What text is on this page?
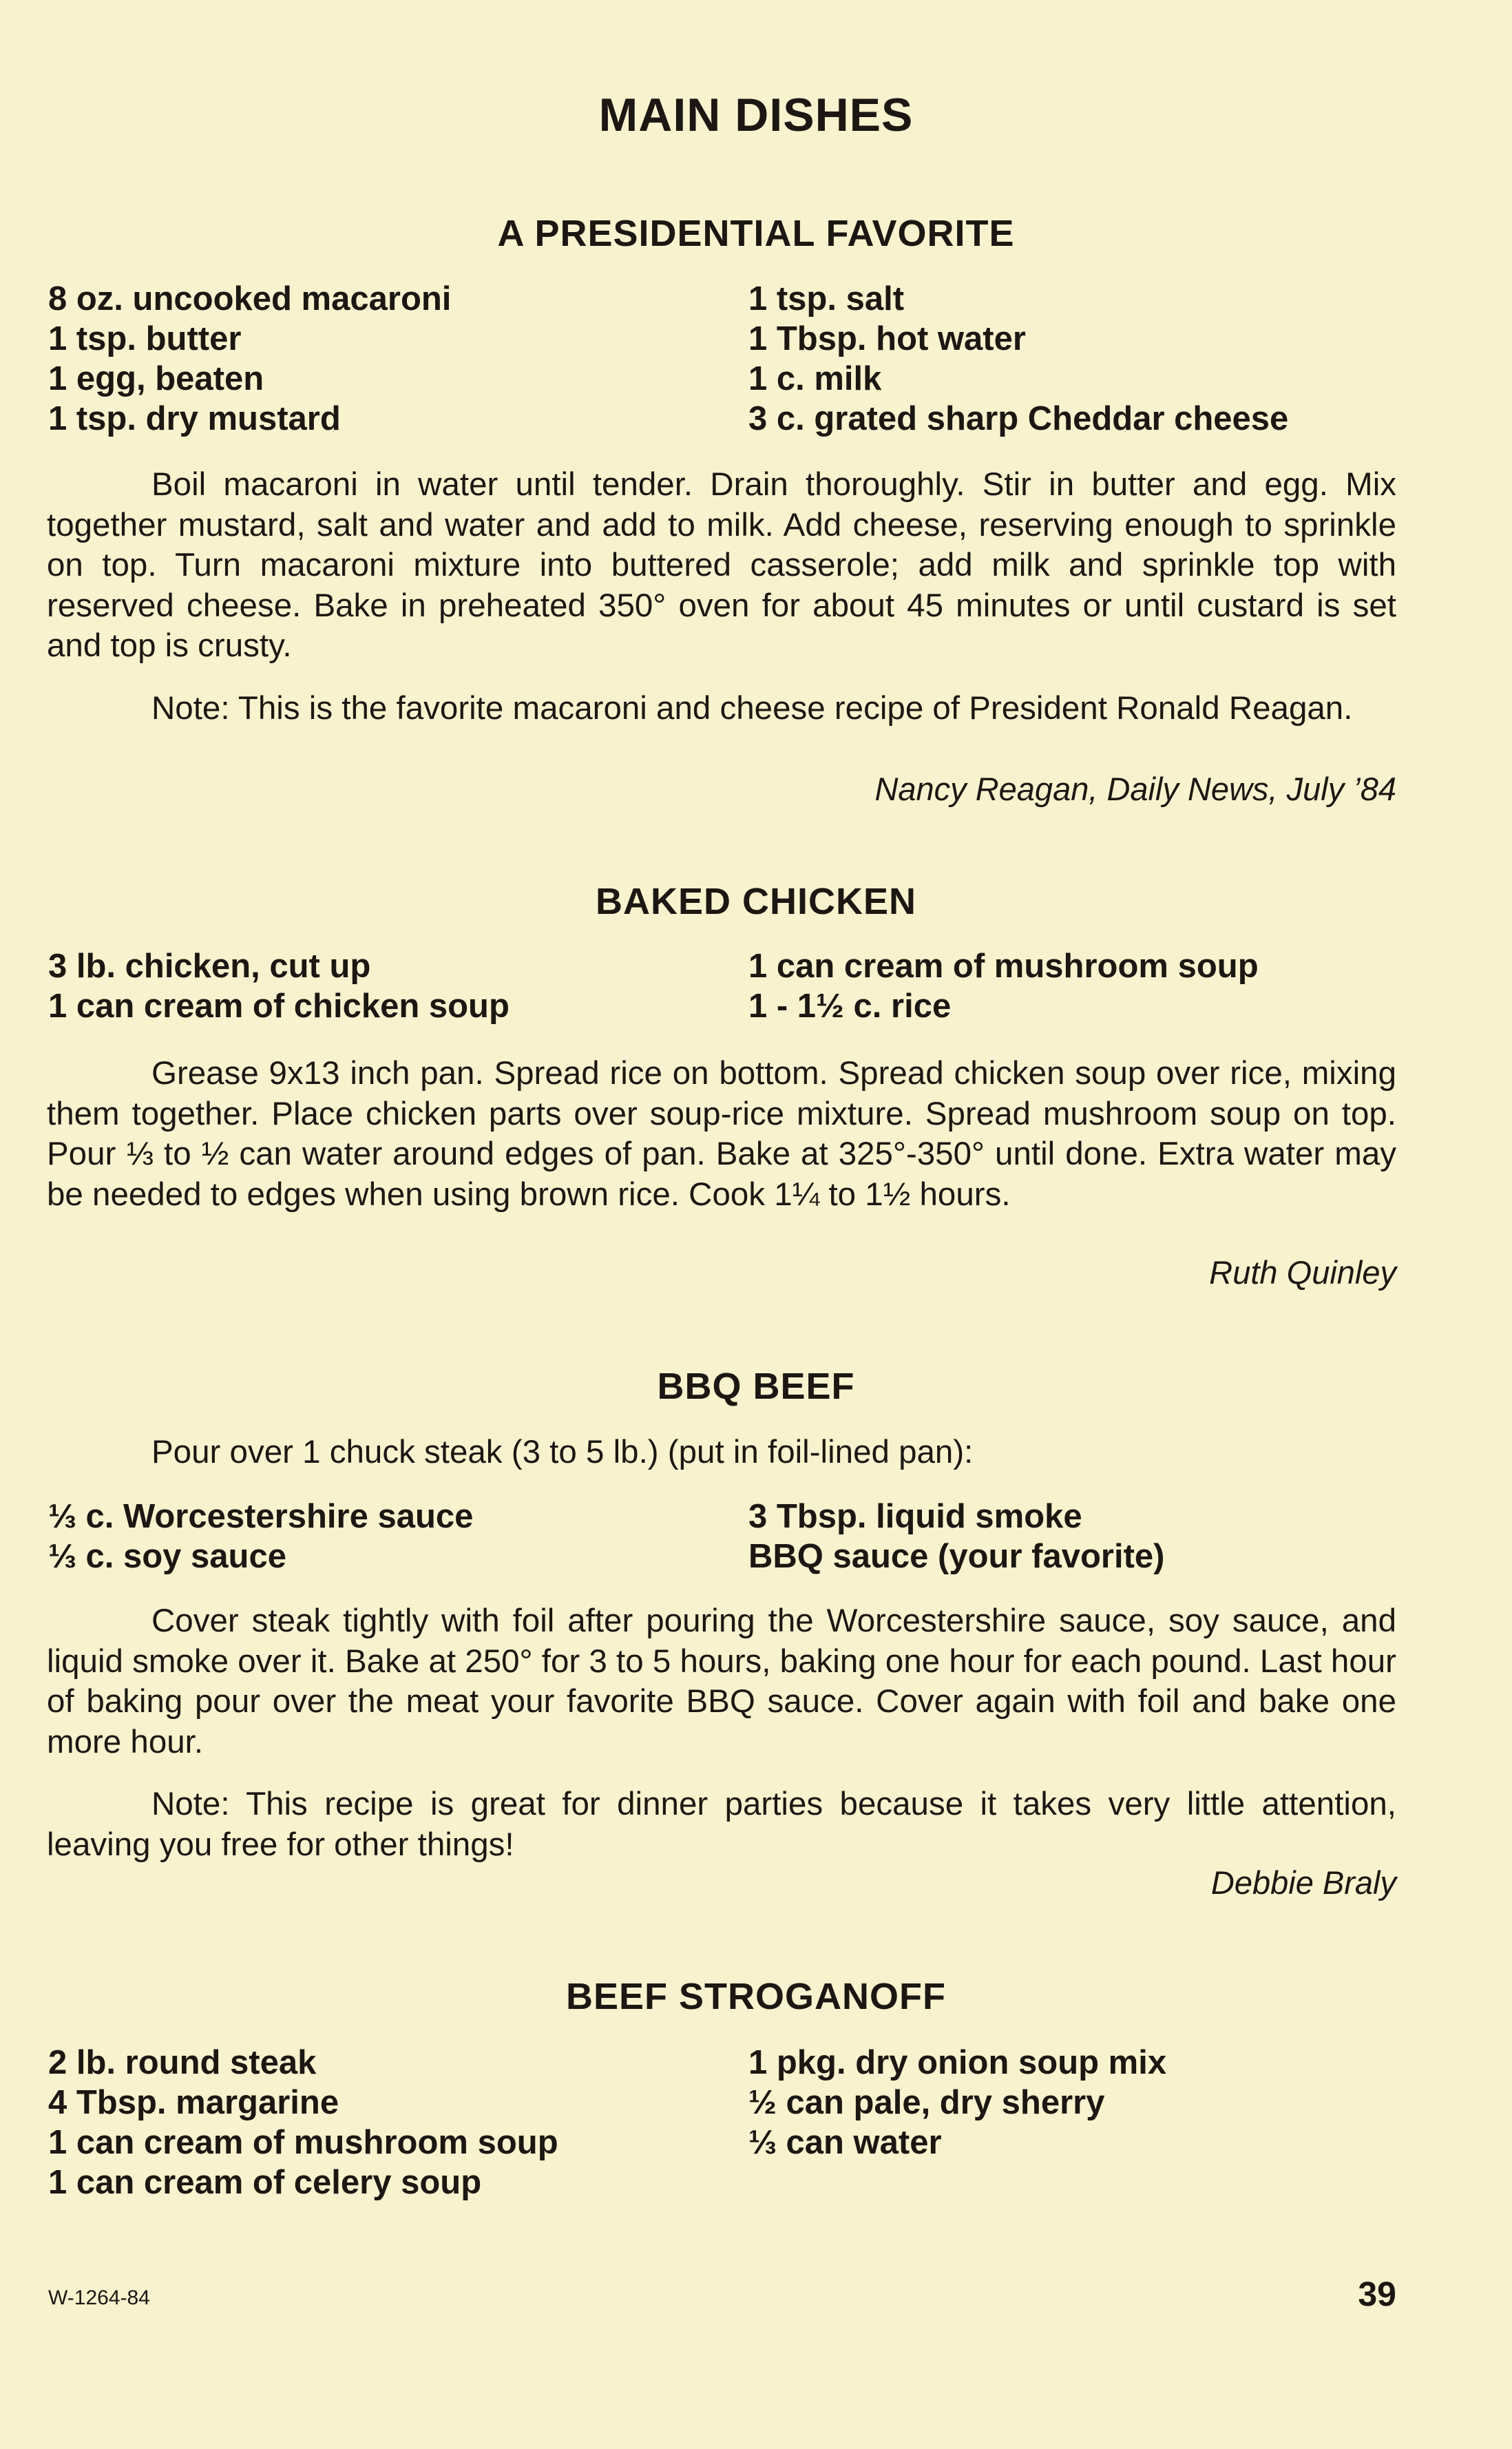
MAIN DISHES
A PRESIDENTIAL FAVORITE
8 oz. uncooked macaroni
1 tsp. butter
1 egg, beaten
1 tsp. dry mustard
1 tsp. salt
1 Tbsp. hot water
1 c. milk
3 c. grated sharp Cheddar cheese
Boil macaroni in water until tender. Drain thoroughly. Stir in butter and egg. Mix together mustard, salt and water and add to milk. Add cheese, reserving enough to sprinkle on top. Turn macaroni mixture into buttered casserole; add milk and sprinkle top with reserved cheese. Bake in preheated 350° oven for about 45 minutes or until custard is set and top is crusty.
Note: This is the favorite macaroni and cheese recipe of President Ronald Reagan.
Nancy Reagan, Daily News, July ’84
BAKED CHICKEN
3 lb. chicken, cut up
1 can cream of chicken soup
1 can cream of mushroom soup
1 - 1½ c. rice
Grease 9x13 inch pan. Spread rice on bottom. Spread chicken soup over rice, mixing them together. Place chicken parts over soup-rice mixture. Spread mushroom soup on top. Pour ⅓ to ½ can water around edges of pan. Bake at 325°-350° until done. Extra water may be needed to edges when using brown rice. Cook 1¼ to 1½ hours.
Ruth Quinley
BBQ BEEF
Pour over 1 chuck steak (3 to 5 lb.) (put in foil-lined pan):
⅓ c. Worcestershire sauce
⅓ c. soy sauce
3 Tbsp. liquid smoke
BBQ sauce (your favorite)
Cover steak tightly with foil after pouring the Worcestershire sauce, soy sauce, and liquid smoke over it. Bake at 250° for 3 to 5 hours, baking one hour for each pound. Last hour of baking pour over the meat your favorite BBQ sauce. Cover again with foil and bake one more hour.
Note: This recipe is great for dinner parties because it takes very little attention, leaving you free for other things!
Debbie Braly
BEEF STROGANOFF
2 lb. round steak
4 Tbsp. margarine
1 can cream of mushroom soup
1 can cream of celery soup
1 pkg. dry onion soup mix
½ can pale, dry sherry
⅓ can water
W-1264-84	39
